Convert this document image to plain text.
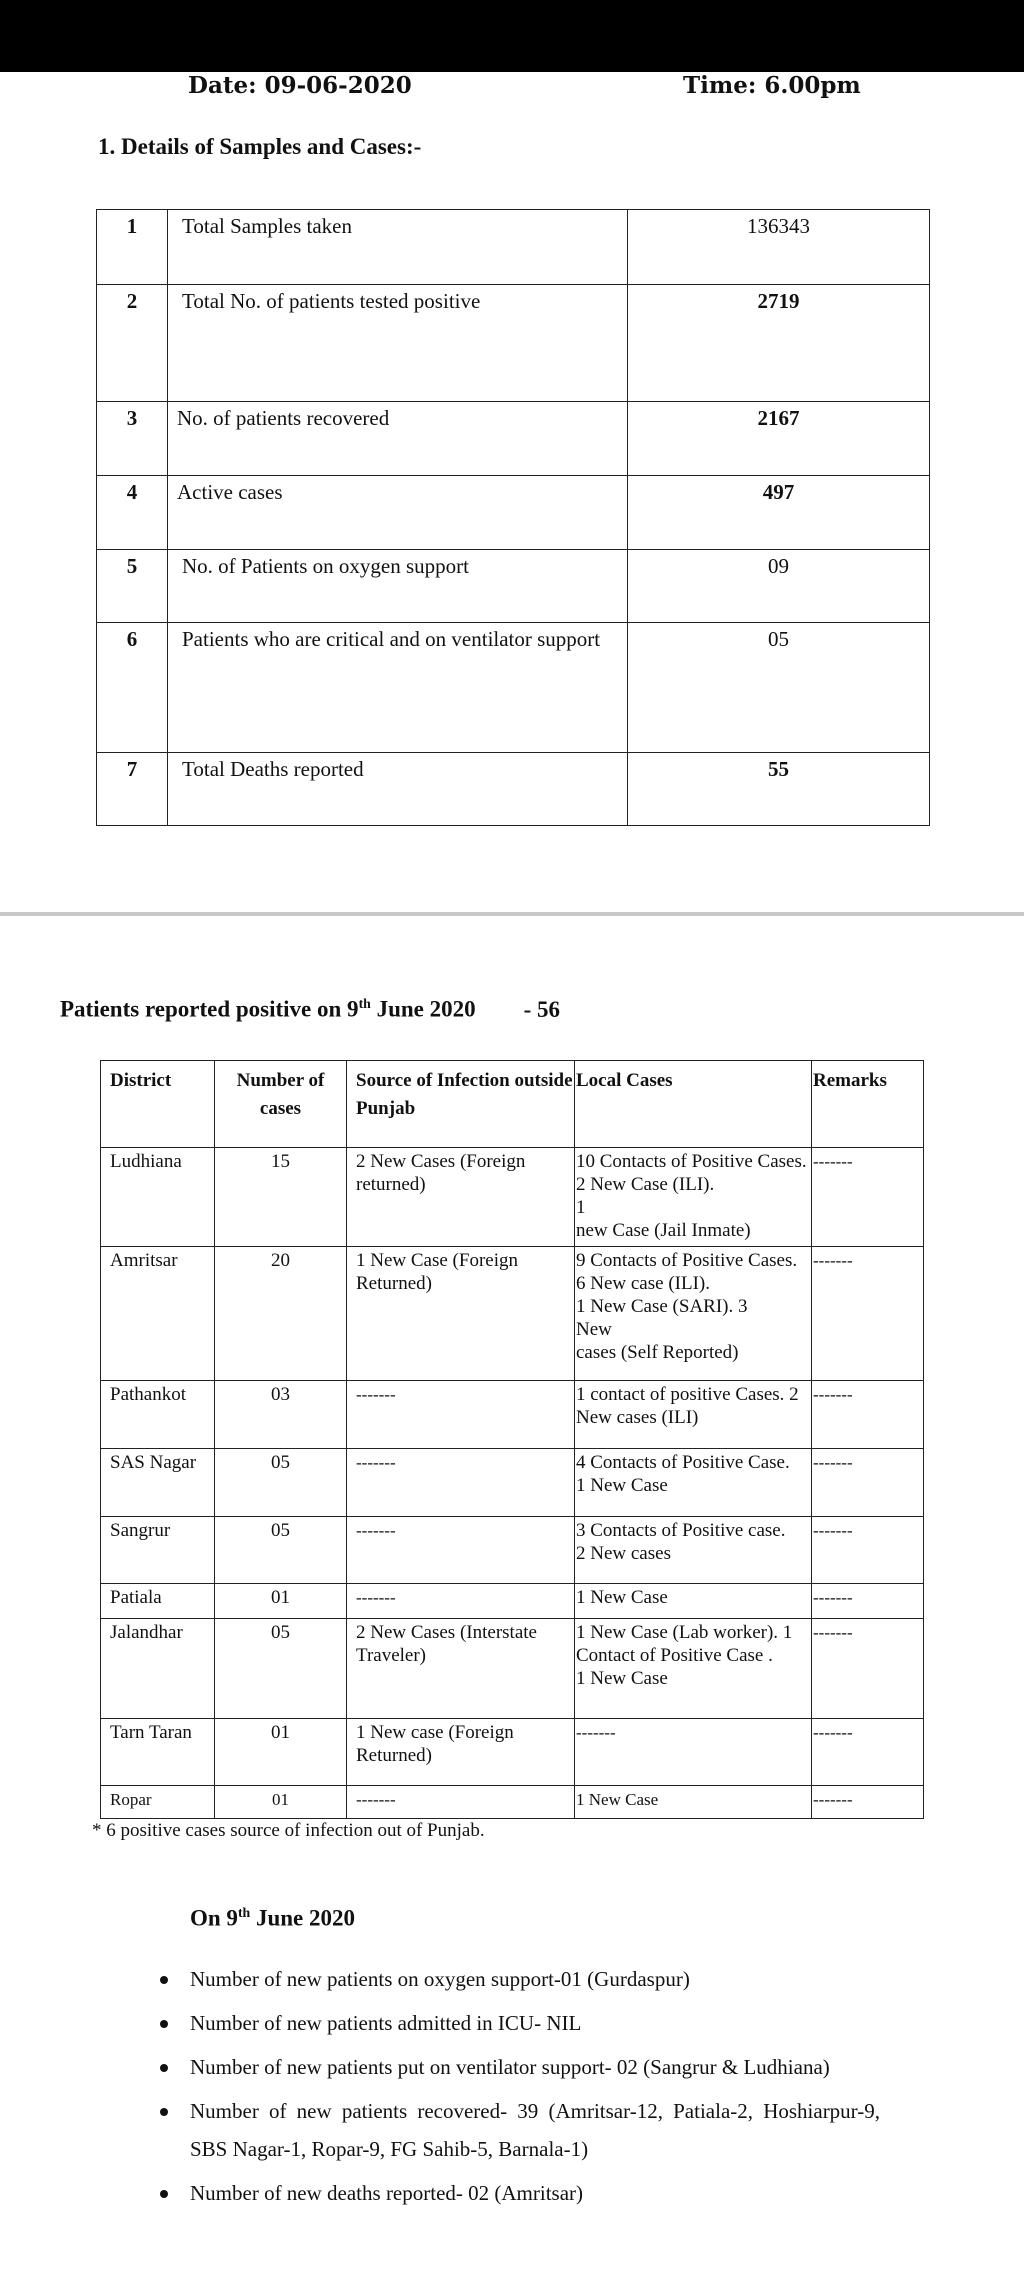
Date: 09-06-2020	Time: 6.00pm
1. Details of Samples and Cases:-
1	Total Samples taken	136343
2	Total No. of patients tested positive	2719
3	No. of patients recovered	2167
4	Active cases	497
5	No. of Patients on oxygen support	09
6	Patients who are critical and on ventilator support	05
7	Total Deaths reported	55
Patients reported positive on 9th June 2020 - 56
District	Number of cases	Source of Infection outside Punjab	Local Cases	Remarks
Ludhiana	15	2 New Cases (Foreign returned)	10 Contacts of Positive Cases. 2 New Case (ILI).
1
new Case (Jail Inmate)	-------
Amritsar	20	1 New Case (Foreign Returned)	9 Contacts of Positive Cases. 6 New case (ILI).
1 New Case (SARI). 3
New
cases (Self Reported)	-------
Pathankot	03	-------	1 contact of positive Cases. 2 New cases (ILI)	-------
SAS Nagar	05	-------	4 Contacts of Positive Case.
1 New Case	-------
Sangrur	05	-------	3 Contacts of Positive case.
2 New cases	-------
Patiala	01	-------	1 New Case	-------
Jalandhar	05	2 New Cases (Interstate Traveler)	1 New Case (Lab worker). 1 Contact of Positive Case .
1 New Case	-------
Tarn Taran	01	1 New case (Foreign Returned)	-------	-------
Ropar	01	-------	1 New Case	-------
* 6 positive cases source of infection out of Punjab.
On 9th June 2020
Number of new patients on oxygen support-01 (Gurdaspur)
Number of new patients admitted in ICU- NIL
Number of new patients put on ventilator support- 02 (Sangrur & Ludhiana)
Number of new patients recovered- 39 (Amritsar-12, Patiala-2, Hoshiarpur-9, SBS Nagar-1, Ropar-9, FG Sahib-5, Barnala-1)
Number of new deaths reported- 02 (Amritsar)
